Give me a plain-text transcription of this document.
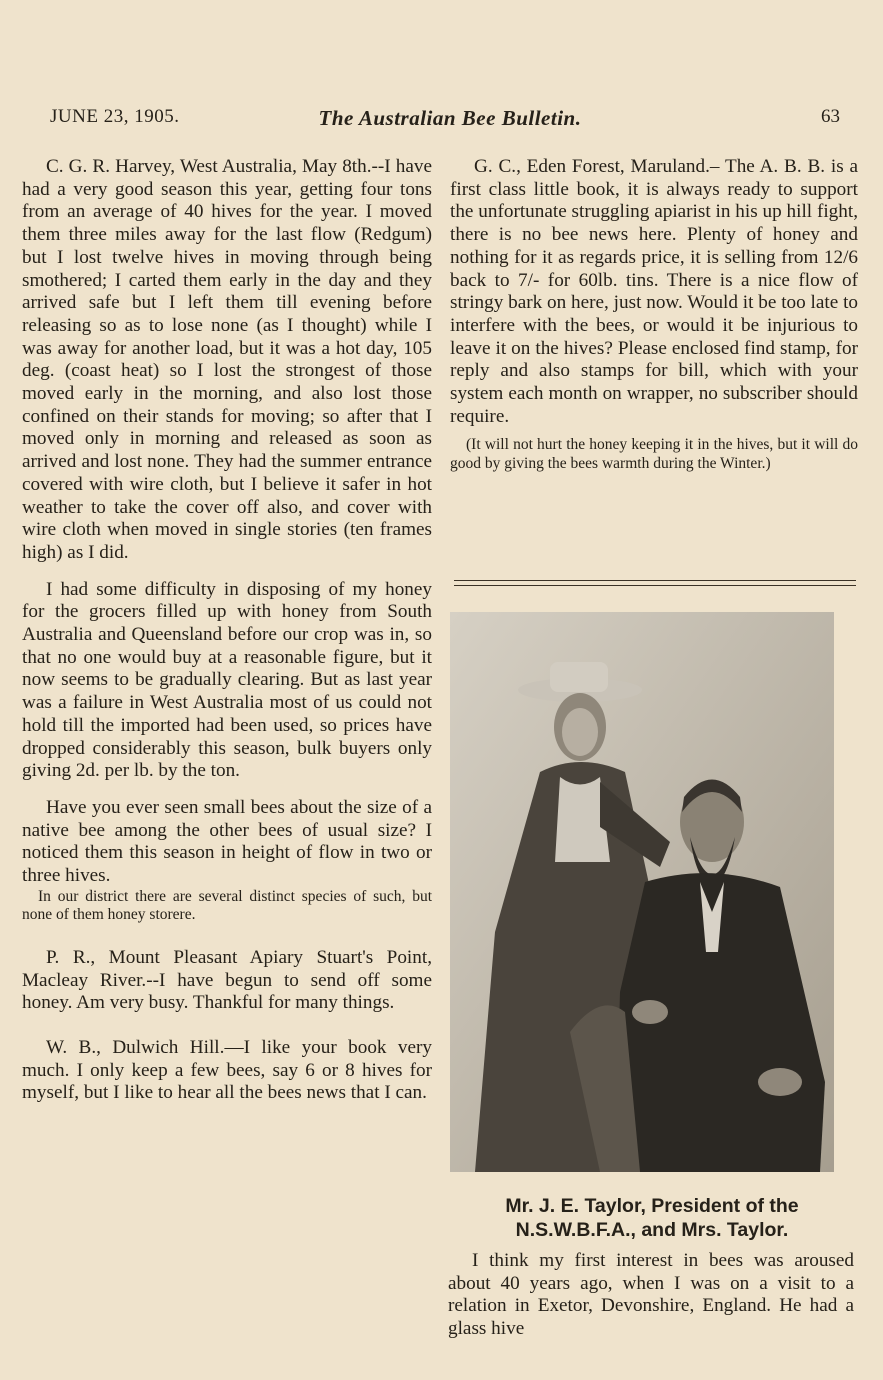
JUNE 23, 1905.	The Australian Bee Bulletin.	63

C. G. R. Harvey, West Australia, May 8th.--I have had a very good season this year, getting four tons from an average of 40 hives for the year. I moved them three miles away for the last flow (Redgum) but I lost twelve hives in moving through being smothered; I carted them early in the day and they arrived safe but I left them till evening before releasing so as to lose none (as I thought) while I was away for another load, but it was a hot day, 105 deg. (coast heat) so I lost the strongest of those moved early in the morning, and also lost those confined on their stands for moving; so after that I moved only in morning and released as soon as arrived and lost none. They had the summer entrance covered with wire cloth, but I believe it safer in hot weather to take the cover off also, and cover with wire cloth when moved in single stories (ten frames high) as I did.

I had some difficulty in disposing of my honey for the grocers filled up with honey from South Australia and Queensland before our crop was in, so that no one would buy at a reasonable figure, but it now seems to be gradually clearing. But as last year was a failure in West Australia most of us could not hold till the imported had been used, so prices have dropped considerably this season, bulk buyers only giving 2d. per lb. by the ton.

Have you ever seen small bees about the size of a native bee among the other bees of usual size? I noticed them this season in height of flow in two or three hives.

In our district there are several distinct species of such, but none of them honey storere.

P. R., Mount Pleasant Apiary Stuart's Point, Macleay River.--I have begun to send off some honey. Am very busy. Thankful for many things.

W. B., Dulwich Hill.—I like your book very much. I only keep a few bees, say 6 or 8 hives for myself, but I like to hear all the bees news that I can.

G. C., Eden Forest, Maruland.– The A. B. B. is a first class little book, it is always ready to support the unfortunate struggling apiarist in his up hill fight, there is no bee news here. Plenty of honey and nothing for it as regards price, it is selling from 12/6 back to 7/- for 60lb. tins. There is a nice flow of stringy bark on here, just now. Would it be too late to interfere with the bees, or would it be injurious to leave it on the hives? Please enclosed find stamp, for reply and also stamps for bill, which with your system each month on wrapper, no subscriber should require.

(It will not hurt the honey keeping it in the hives, but it will do good by giving the bees warmth during the Winter.)

Mr. J. E. Taylor, President of the
N.S.W.B.F.A., and Mrs. Taylor.

I think my first interest in bees was aroused about 40 years ago, when I was on a visit to a relation in Exetor, Devonshire, England. He had a glass hive
